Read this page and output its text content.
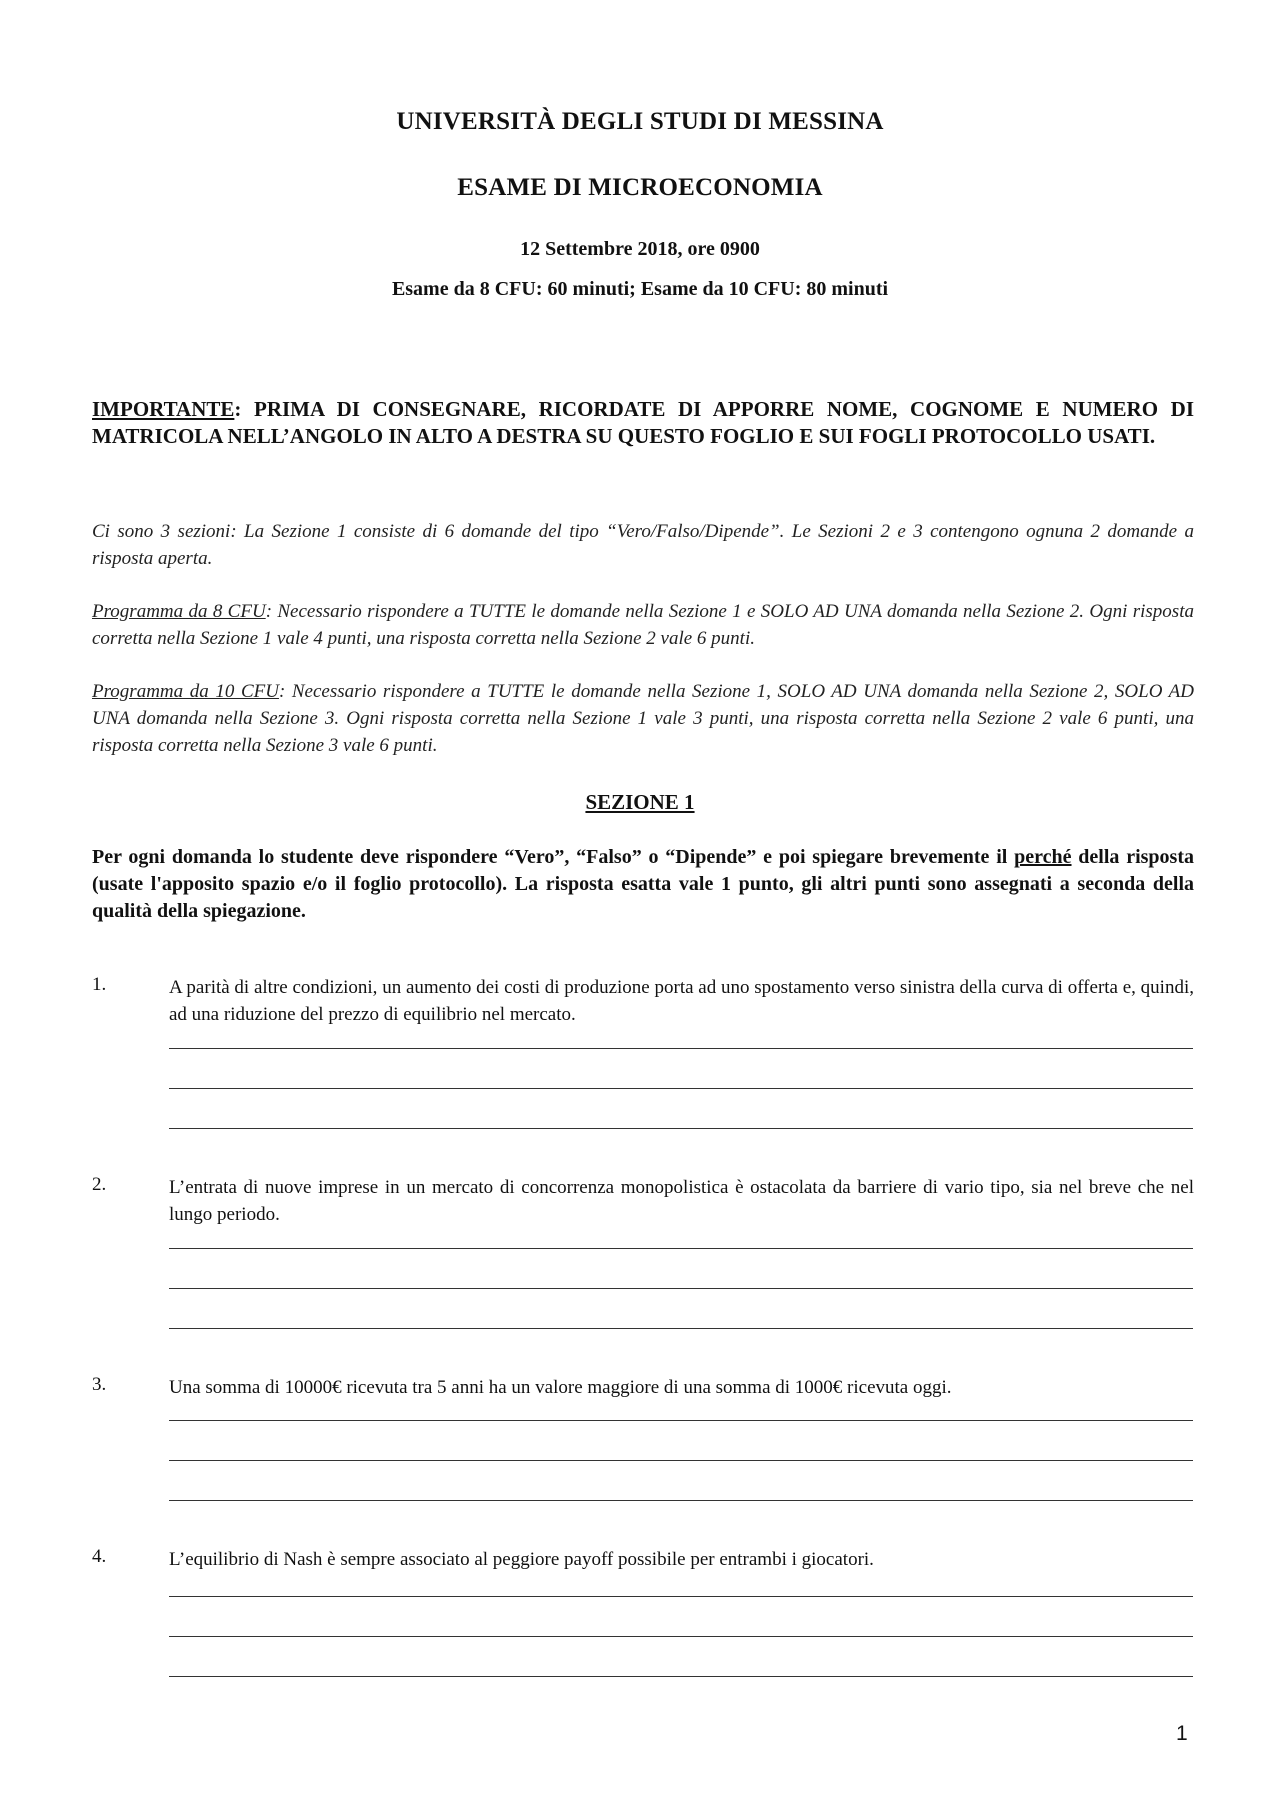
UNIVERSITÀ DEGLI STUDI DI MESSINA
ESAME DI MICROECONOMIA
12 Settembre 2018, ore 0900
Esame da 8 CFU: 60 minuti; Esame da 10 CFU: 80 minuti
IMPORTANTE: PRIMA DI CONSEGNARE, RICORDATE DI APPORRE NOME, COGNOME E NUMERO DI MATRICOLA NELL’ANGOLO IN ALTO A DESTRA SU QUESTO FOGLIO E SUI FOGLI PROTOCOLLO USATI.
Ci sono 3 sezioni: La Sezione 1 consiste di 6 domande del tipo “Vero/Falso/Dipende”. Le Sezioni 2 e 3 contengono ognuna 2 domande a risposta aperta.
Programma da 8 CFU: Necessario rispondere a TUTTE le domande nella Sezione 1 e SOLO AD UNA domanda nella Sezione 2. Ogni risposta corretta nella Sezione 1 vale 4 punti, una risposta corretta nella Sezione 2 vale 6 punti.
Programma da 10 CFU: Necessario rispondere a TUTTE le domande nella Sezione 1, SOLO AD UNA domanda nella Sezione 2, SOLO AD UNA domanda nella Sezione 3. Ogni risposta corretta nella Sezione 1 vale 3 punti, una risposta corretta nella Sezione 2 vale 6 punti, una risposta corretta nella Sezione 3 vale 6 punti.
SEZIONE 1
Per ogni domanda lo studente deve rispondere “Vero”, “Falso” o “Dipende” e poi spiegare brevemente il perché della risposta (usate l'apposito spazio e/o il foglio protocollo). La risposta esatta vale 1 punto, gli altri punti sono assegnati a seconda della qualità della spiegazione.
1.	A parità di altre condizioni, un aumento dei costi di produzione porta ad uno spostamento verso sinistra della curva di offerta e, quindi, ad una riduzione del prezzo di equilibrio nel mercato.
2.	L’entrata di nuove imprese in un mercato di concorrenza monopolistica è ostacolata da barriere di vario tipo, sia nel breve che nel lungo periodo.
3.	Una somma di 10000€ ricevuta tra 5 anni ha un valore maggiore di una somma di 1000€ ricevuta oggi.
4.	L’equilibrio di Nash è sempre associato al peggiore payoff possibile per entrambi i giocatori.
1
